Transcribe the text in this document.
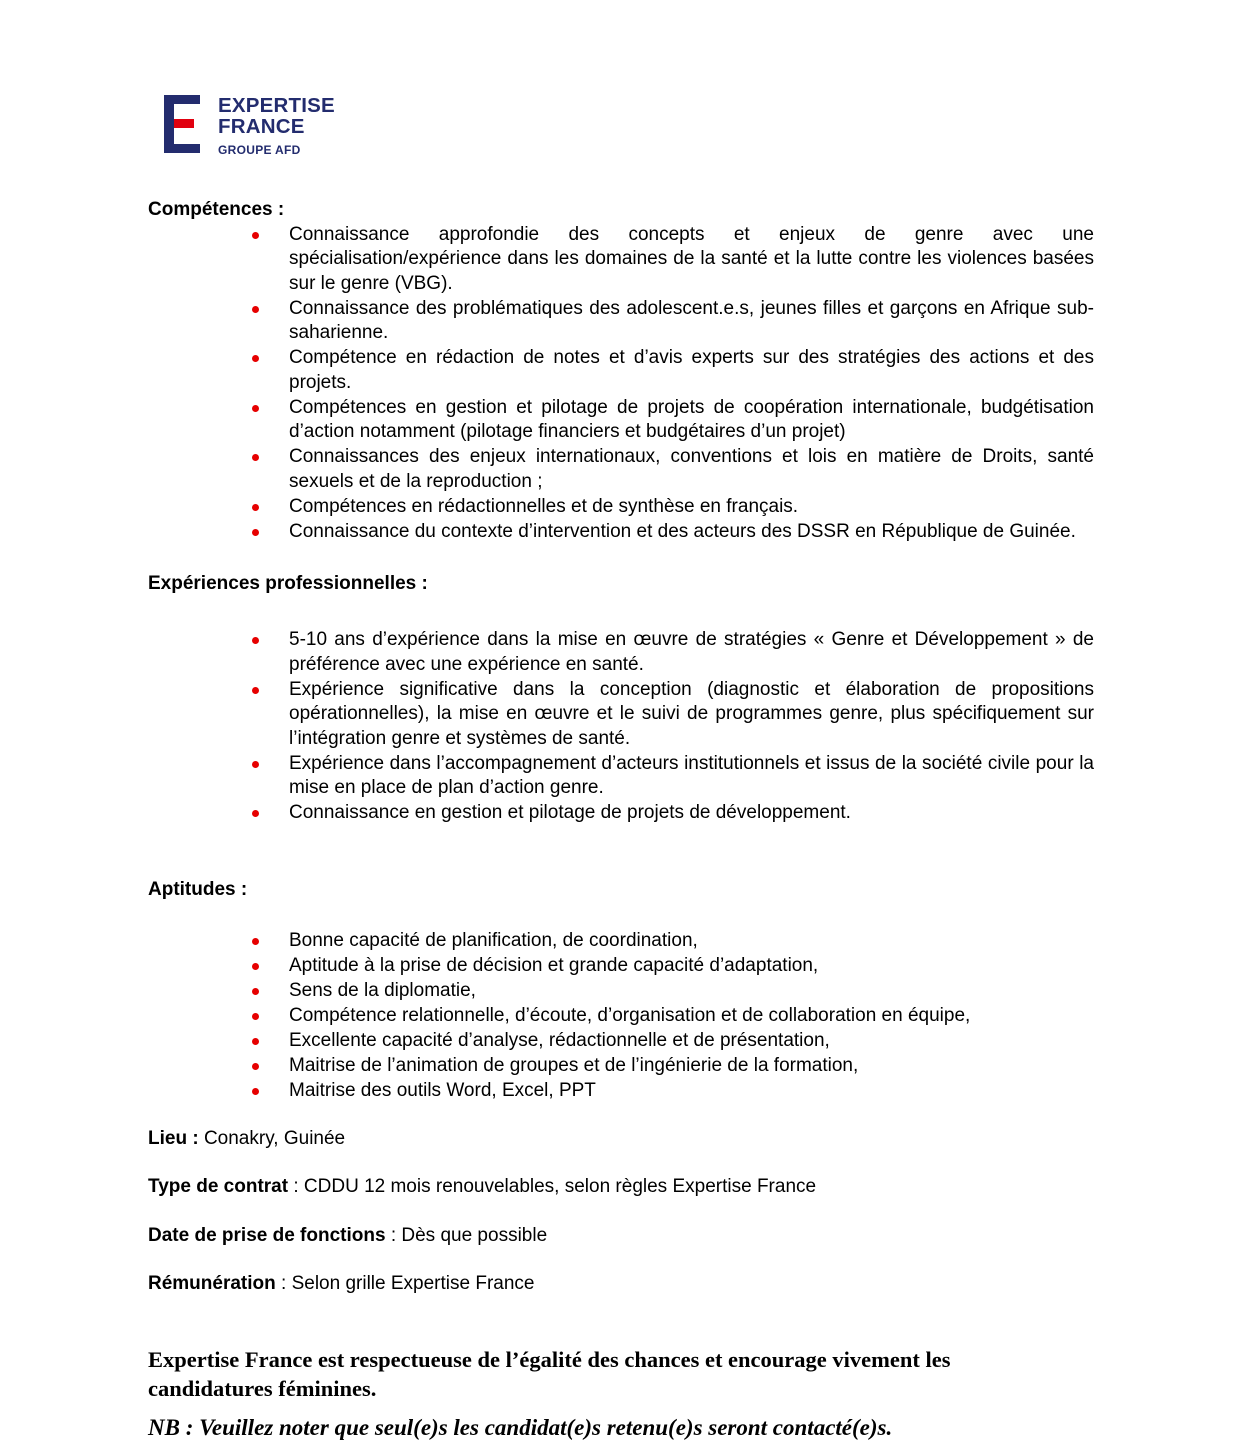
EXPERTISE
FRANCE
GROUPE AFD
Compétences :
Connaissance approfondie des concepts et enjeux de genre avec une spécialisation/expérience dans les domaines de la santé et la lutte contre les violences basées sur le genre (VBG).
Connaissance des problématiques des adolescent.e.s, jeunes filles et garçons en Afrique sub-saharienne.
Compétence en rédaction de notes et d’avis experts sur des stratégies des actions et des projets.
Compétences en gestion et pilotage de projets de coopération internationale, budgétisation d’action notamment (pilotage financiers et budgétaires d’un projet)
Connaissances des enjeux internationaux, conventions et lois en matière de Droits, santé sexuels et de la reproduction ;
Compétences en rédactionnelles et de synthèse en français.
Connaissance du contexte d’intervention et des acteurs des DSSR en République de Guinée.
Expériences professionnelles :
5-10 ans d’expérience dans la mise en œuvre de stratégies « Genre et Développement » de préférence avec une expérience en santé.
Expérience significative dans la conception (diagnostic et élaboration de propositions opérationnelles), la mise en œuvre et le suivi de programmes genre, plus spécifiquement sur l’intégration genre et systèmes de santé.
Expérience dans l’accompagnement d’acteurs institutionnels et issus de la société civile pour la mise en place de plan d’action genre.
Connaissance en gestion et pilotage de projets de développement.
Aptitudes :
Bonne capacité de planification, de coordination,
Aptitude à la prise de décision et grande capacité d’adaptation,
Sens de la diplomatie,
Compétence relationnelle, d’écoute, d’organisation et de collaboration en équipe,
Excellente capacité d’analyse, rédactionnelle et de présentation,
Maitrise de l’animation de groupes et de l’ingénierie de la formation,
Maitrise des outils Word, Excel, PPT

Lieu : Conakry, Guinée

Type de contrat : CDDU 12 mois renouvelables, selon règles Expertise France

Date de prise de fonctions : Dès que possible

Rémunération : Selon grille Expertise France

Expertise France est respectueuse de l’égalité des chances et encourage vivement les candidatures féminines.
NB : Veuillez noter que seul(e)s les candidat(e)s retenu(e)s seront contacté(e)s.
